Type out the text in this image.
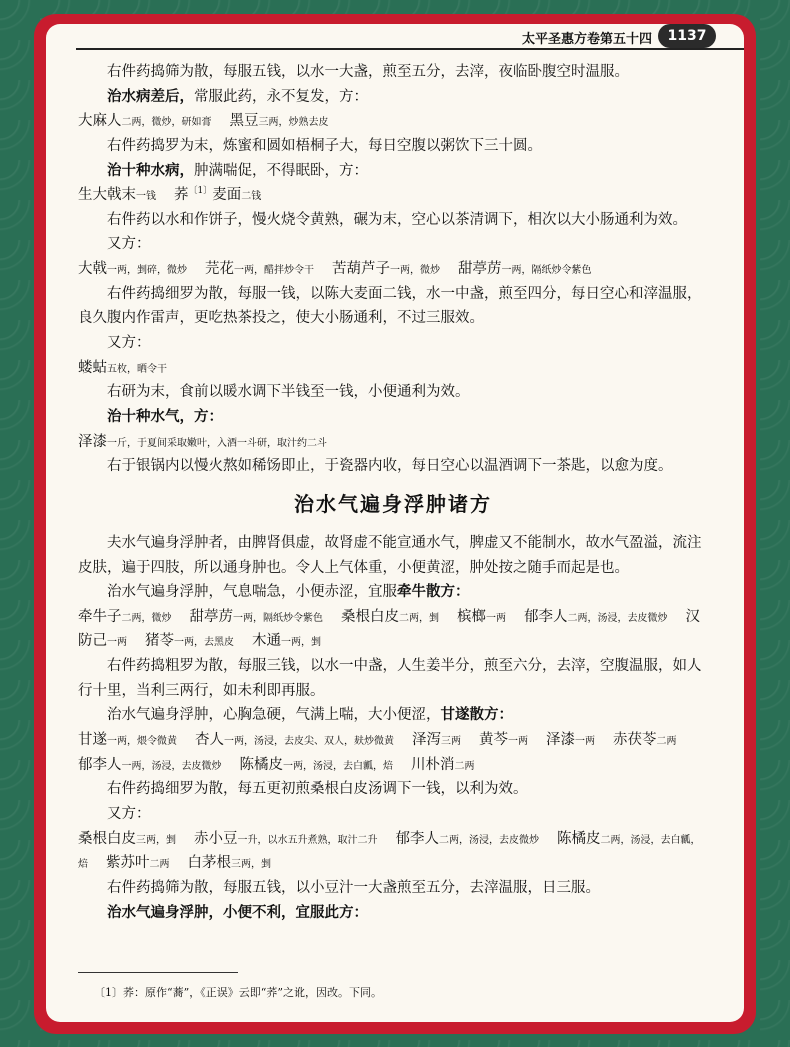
太平圣惠方卷第五十四	1137

右件药捣筛为散，每服五钱，以水一大盏，煎至五分，去滓，夜临卧腹空时温服。

治水病差后，常服此药，永不复发，方：

大麻人二两，微炒，研如膏 黑豆三两，炒熟去皮

右件药捣罗为末，炼蜜和圆如梧桐子大，每日空腹以粥饮下三十圆。

治十种水病，肿满喘促，不得眠卧，方：

生大戟末一钱 荞$^{〔1〕}$麦面二钱

右件药以水和作饼子，慢火烧令黄熟，碾为末，空心以茶清调下，相次以大小肠通利为效。

又方：

大戟一两，剉碎，微炒 芫花一两，醋拌炒令干 苦葫芦子一两，微炒 甜葶苈一两，隔纸炒令紫色

右件药捣细罗为散，每服一钱，以陈大麦面二钱，水一中盏，煎至四分，每日空心和滓温服，良久腹内作雷声，更吃热茶投之，使大小肠通利，不过三服效。

又方：

蝼蛄五枚，晒令干

右研为末，食前以暖水调下半钱至一钱，小便通利为效。

治十种水气，方：

泽漆一斤，于夏间采取嫩叶，入酒一斗研，取汁约二斗

右于银锅内以慢火熬如稀饧即止，于瓷器内收，每日空心以温酒调下一茶匙，以愈为度。

治水气遍身浮肿诸方

夫水气遍身浮肿者，由脾肾俱虚，故肾虚不能宣通水气，脾虚又不能制水，故水气盈溢，流注皮肤，遍于四肢，所以通身肿也。令人上气体重，小便黄涩，肿处按之随手而起是也。

治水气遍身浮肿，气息喘急，小便赤涩，宜服牵牛散方：

牵牛子二两，微炒 甜葶苈一两，隔纸炒令紫色 桑根白皮二两，剉 槟榔一两 郁李人二两，汤浸，去皮微炒 汉防己一两 猪苓一两，去黑皮 木通一两，剉

右件药捣粗罗为散，每服三钱，以水一中盏，人生姜半分，煎至六分，去滓，空腹温服，如人行十里，当利三两行，如未利即再服。

治水气遍身浮肿，心胸急硬，气满上喘，大小便涩，甘遂散方：

甘遂一两，煨令微黄 杏人一两，汤浸，去皮尖、双人，麸炒微黄 泽泻三两 黄芩一两 泽漆一两 赤茯苓二两郁李人一两，汤浸，去皮微炒 陈橘皮一两，汤浸，去白瓤，焙 川朴消二两

右件药捣细罗为散，每五更初煎桑根白皮汤调下一钱，以利为效。

又方：

桑根白皮三两，剉 赤小豆一升，以水五升煮熟，取汁二升 郁李人二两，汤浸，去皮微炒 陈橘皮二两，汤浸，去白瓤，焙 紫苏叶二两 白茅根三两，剉

右件药捣筛为散，每服五钱，以小豆汁一大盏煎至五分，去滓温服，日三服。

治水气遍身浮肿，小便不利，宜服此方：

〔1〕荞：原作“蕎”，《正误》云即“荞”之讹，因改。下同。
